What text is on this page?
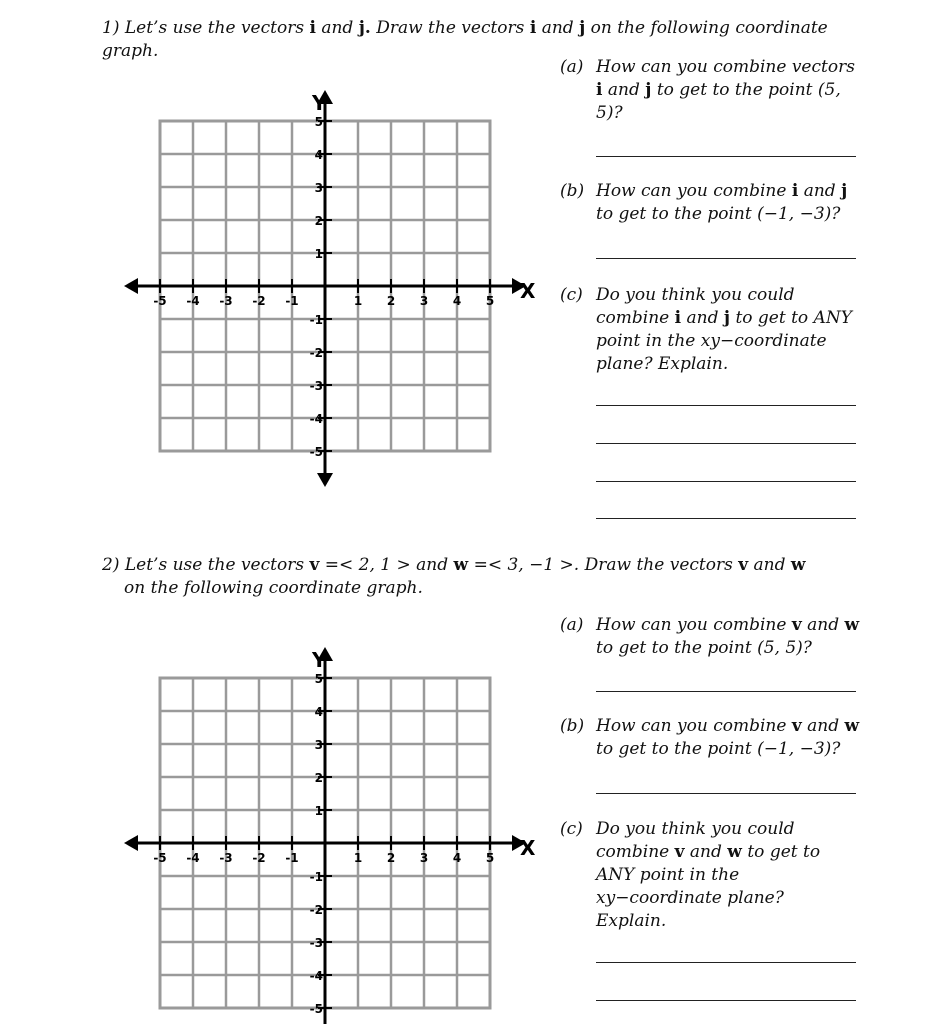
1) Let’s use the vectors i and j. Draw the vectors i and j on the following coordinate graph.
X
Y
-5 -4 -3 -2 -1	1 2 3 4 5
5
4
3
2
1
-1
-2
-3
-4
-5
(a) How can you combine vectors i and j to get to the point (5, 5)?
(b) How can you combine i and j to get to the point (−1, −3)?
(c) Do you think you could combine i and j to get to ANY point in the xy−coordinate plane? Explain.
2) Let’s use the vectors v =< 2, 1 > and w =< 3, −1 >. Draw the vectors v and w on the following coordinate graph.
X
Y
-5 -4 -3 -2 -1	1 2 3 4 5
5
4
3
2
1
-1
-2
-3
-4
-5
(a) How can you combine v and w to get to the point (5, 5)?
(b) How can you combine v and w to get to the point (−1, −3)?
(c) Do you think you could combine v and w to get to ANY point in the xy−coordinate plane? Explain.
